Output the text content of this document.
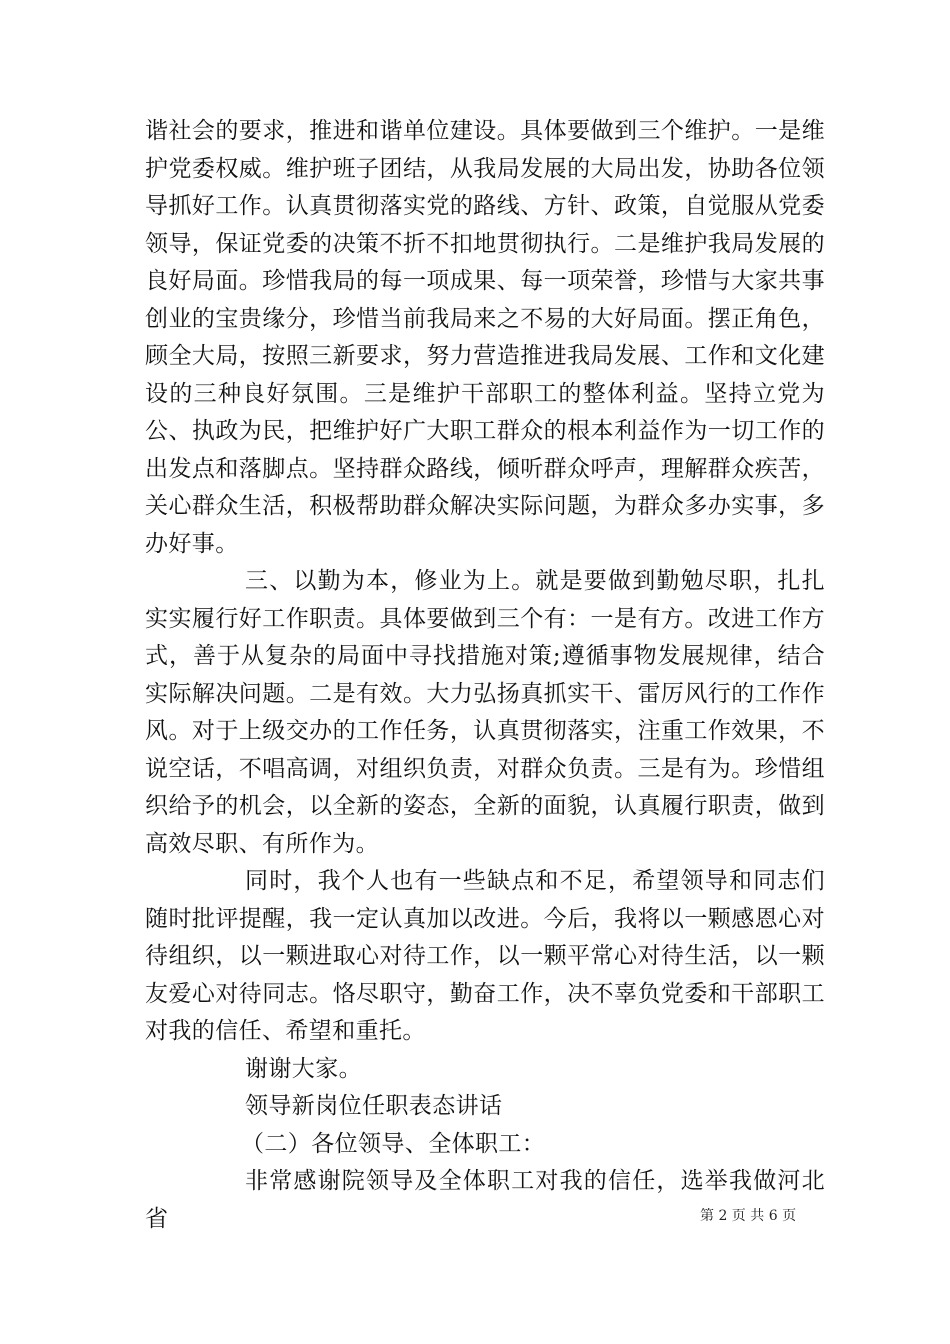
谐社会的要求，推进和谐单位建设。具体要做到三个维护。一是维护党委权威。维护班子团结，从我局发展的大局出发，协助各位领导抓好工作。认真贯彻落实党的路线、方针、政策，自觉服从党委领导，保证党委的决策不折不扣地贯彻执行。二是维护我局发展的良好局面。珍惜我局的每一项成果、每一项荣誉，珍惜与大家共事创业的宝贵缘分，珍惜当前我局来之不易的大好局面。摆正角色，顾全大局，按照三新要求，努力营造推进我局发展、工作和文化建设的三种良好氛围。三是维护干部职工的整体利益。坚持立党为公、执政为民，把维护好广大职工群众的根本利益作为一切工作的出发点和落脚点。坚持群众路线，倾听群众呼声，理解群众疾苦，关心群众生活，积极帮助群众解决实际问题，为群众多办实事，多办好事。

三、以勤为本，修业为上。就是要做到勤勉尽职，扎扎实实履行好工作职责。具体要做到三个有：一是有方。改进工作方式，善于从复杂的局面中寻找措施对策;遵循事物发展规律，结合实际解决问题。二是有效。大力弘扬真抓实干、雷厉风行的工作作风。对于上级交办的工作任务，认真贯彻落实，注重工作效果，不说空话，不唱高调，对组织负责，对群众负责。三是有为。珍惜组织给予的机会，以全新的姿态，全新的面貌，认真履行职责，做到高效尽职、有所作为。

同时，我个人也有一些缺点和不足，希望领导和同志们随时批评提醒，我一定认真加以改进。今后，我将以一颗感恩心对待组织，以一颗进取心对待工作，以一颗平常心对待生活，以一颗友爱心对待同志。恪尽职守，勤奋工作，决不辜负党委和干部职工对我的信任、希望和重托。

谢谢大家。

领导新岗位任职表态讲话

（二）各位领导、全体职工：

非常感谢院领导及全体职工对我的信任，选举我做河北省	第 2 页 共 6 页
